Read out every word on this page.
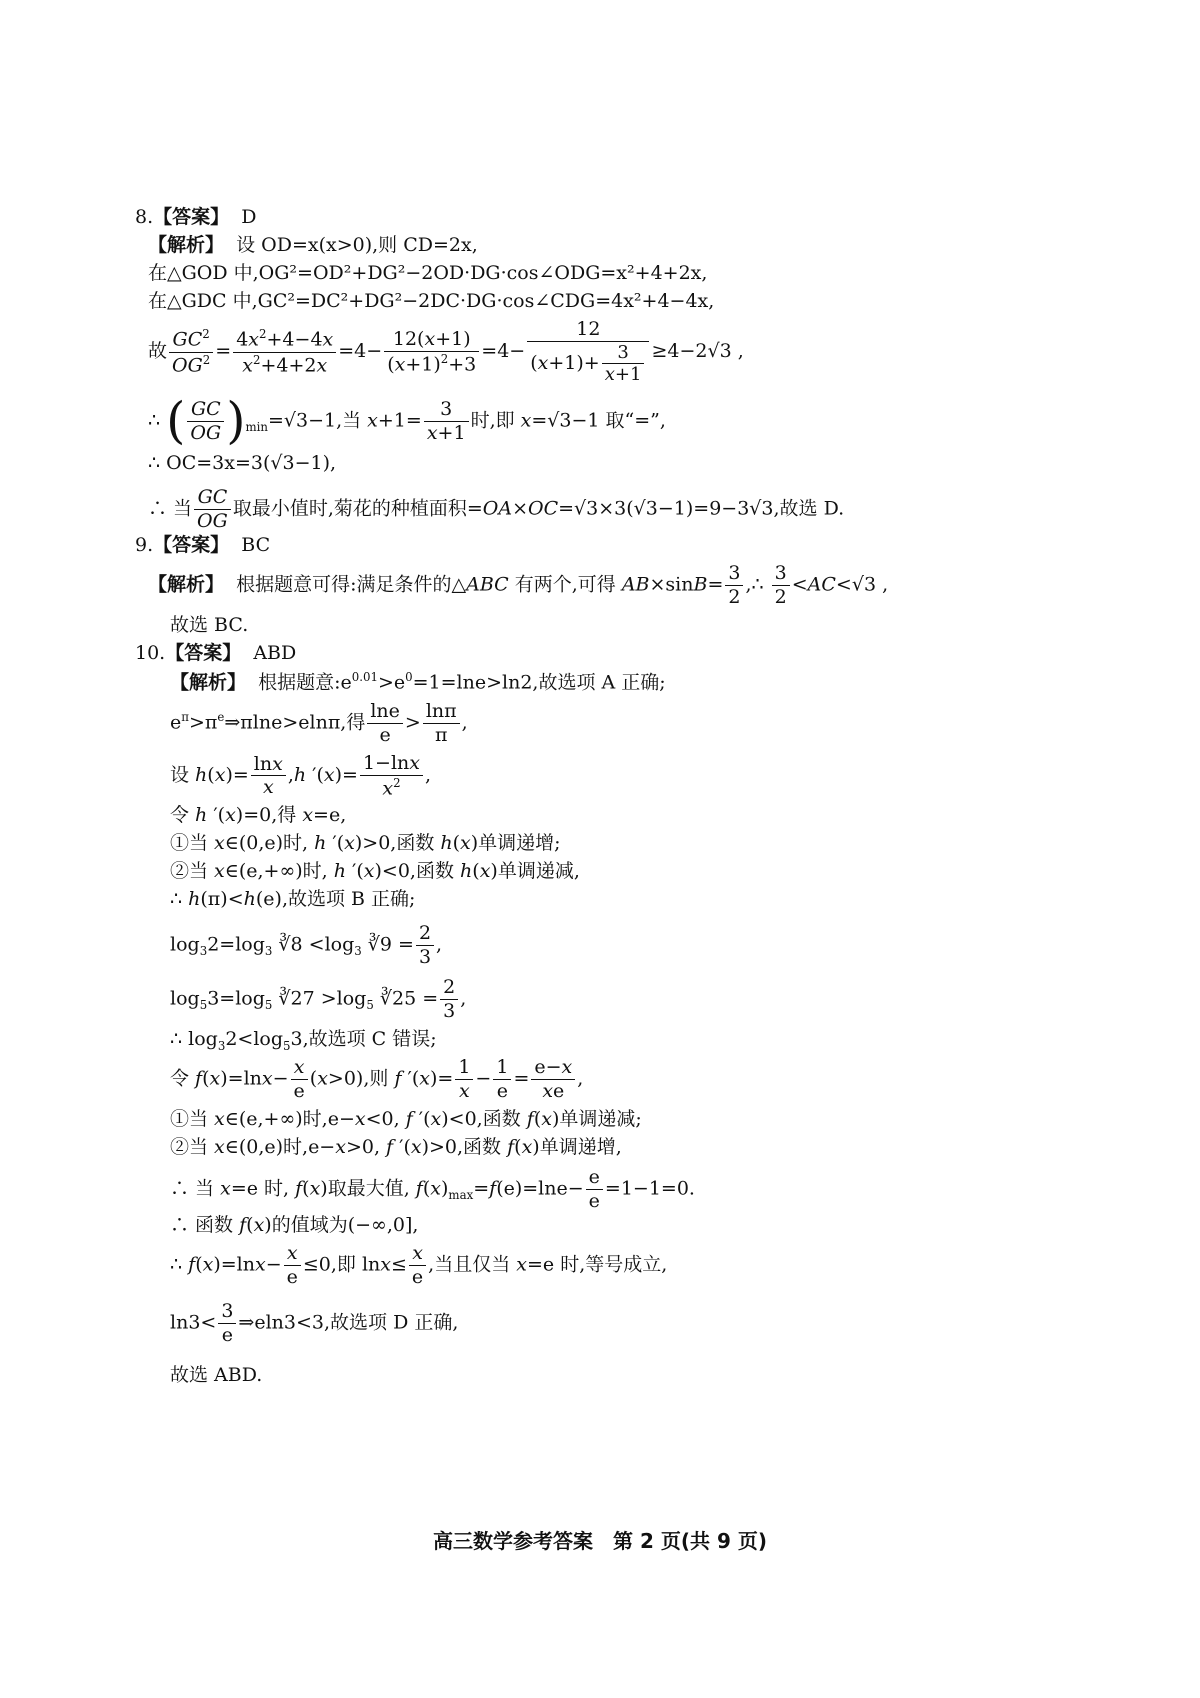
8.【答案】 D
【解析】 设 OD=x(x>0),则 CD=2x,
在△GOD 中,OG²=OD²+DG²−2OD·DG·cos∠ODG=x²+4+2x,
在△GDC 中,GC²=DC²+DG²−2DC·DG·cos∠CDG=4x²+4−4x,
故 $\frac{GC^2}{OG^2} = \frac{4x^2+4-4x}{x^2+4+2x} =4- \frac{12(x+1)}{(x+1)^2+3} =4- \frac{12}{(x+1)+ \frac{3}{x+1}} \ge 4-2√3$ ,
∴ ( $\frac{GC}{OG} )_{min}=√3-1$,当 $x+1= \frac{3}{x+1}$ 时,即 x=√3−1 取“=”,
∴ OC=3x=3(√3−1),
∴ 当 $\frac{GC}{OG}$ 取最小值时,菊花的种植面积=OA×OC=√3×3(√3−1)=9−3√3,故选 D.
9.【答案】 BC
【解析】  根据题意可得:满足条件的△ABC 有两个,可得 $AB\times\sin B= \frac{3}{2}$ ,∴ $\frac{3}{2} <AC<√3$ ,
故选 BC.
10.【答案】 ABD
【解析】  根据题意$:e^{0.01}>e^0=1=\ln e>\ln 2$,故选项 A 正确;
$e^\pi>\pi^e\Rightarrow\pi\ln e>eln\pi$,得 $\frac{\ln e}{e} > \frac{\ln\pi}{\pi}$ ,
设 $h(x)= \frac{\ln x}{x} ,h$ $'(x)= \frac{1-\ln x}{x^2}$ ,
令 h ′(x)=0,得 x=e,
①当 x∈(0,e)时, h ′(x)>0,函数 h(x)单调递增;
②当 x∈(e,+∞)时, h ′(x)<0,函数 h(x)单调递减,
∴ h(π)<h(e),故选项 B 正确;
$\log_32=\log_3$ ∛8 $<\log_3$ ∛9 = $\frac{2}{3}$ ,
$\log_53=\log_5$ ∛27 $>\log_5$ ∛25 = $\frac{2}{3}$ ,
∴ $\log_32<\log_53$,故选项 C 错误;
令 $f(x)=\ln x- \frac{x}{e} (x>0)$,则 f $'(x)= \frac{1}{x} - \frac{1}{e} = \frac{e-x}{xe}$ ,
①当 x∈(e,+∞)时,e−x<0, f ′(x)<0,函数 f(x)单调递减;
②当 x∈(0,e)时,e−x>0, f ′(x)>0,函数 f(x)单调递增,
∴ 当 x=e 时, f(x)取最大值, $f(x)_{max}=f(e)=\ln e- \frac{e}{e} =1-1=0$.
∴ 函数 f(x)的值域为(−∞,0],
∴ $f(x)=\ln x- \frac{x}{e} \le 0$,即 $\ln x\le \frac{x}{e}$ ,当且仅当 x=e 时,等号成立,
$\ln 3< \frac{3}{e}$ ⇒eln3<3,故选项 D 正确,
故选 ABD.
高三数学参考答案　第 2 页(共 9 页)
